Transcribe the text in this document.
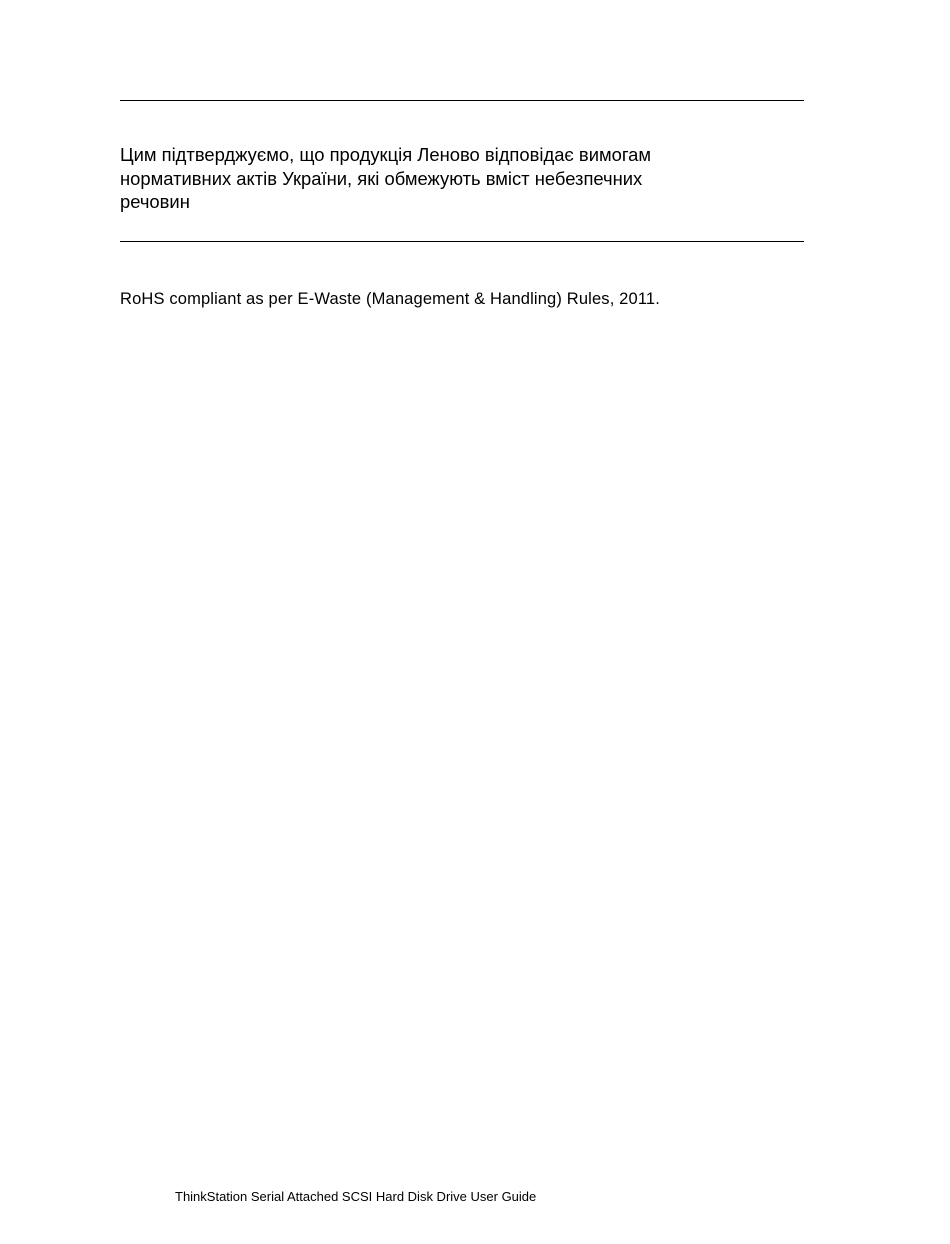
Цим підтверджуємо, що продукція Леново відповідає вимогам
нормативних актів України, які обмежують вміст небезпечних
речовин
RoHS compliant as per E-Waste (Management & Handling) Rules, 2011.
ThinkStation Serial Attached SCSI Hard Disk Drive User Guide
